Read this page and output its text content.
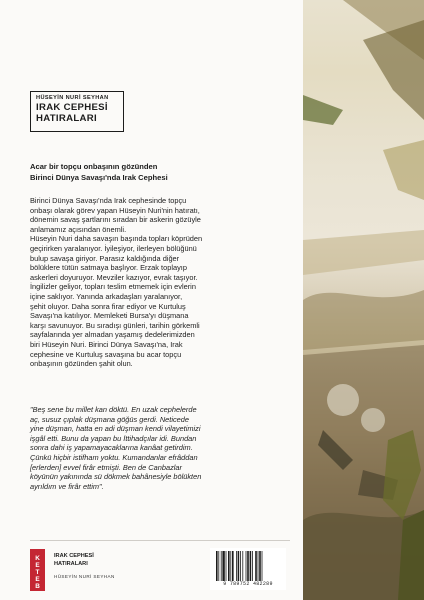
HÜSEYİN NURİ SEYHAN
IRAK CEPHESİ
HATIRALARI
Acar bir topçu onbaşının gözünden
Birinci Dünya Savaşı'nda Irak Cephesi
Birinci Dünya Savaşı'nda Irak cephesinde topçu
onbaşı olarak görev yapan Hüseyin Nuri'nin hatıratı,
dönemin savaş şartlarını sıradan bir askerin gözüyle
anlamamız açısından önemli.
Hüseyin Nuri daha savaşın başında topları köprüden
geçirirken yaralanıyor. İyileşiyor, ilerleyen bölüğünü
bulup savaşa giriyor. Parasız kaldığında diğer
bölüklere tütün satmaya başlıyor. Erzak toplayıp
askerleri doyuruyor. Mevziler kazıyor, evrak taşıyor.
İngilizler geliyor, topları teslim etmemek için evlerin
içine saklıyor. Yanında arkadaşları yaralanıyor,
şehit oluyor. Daha sonra firar ediyor ve Kurtuluş
Savaşı'na katılıyor. Memleketi Bursa'yı düşmana
karşı savunuyor. Bu sıradışı günleri, tarihin görkemli
sayfalarında yer almadan yaşamış dedelerimizden
biri Hüseyin Nuri. Birinci Dünya Savaşı'na, Irak
cephesine ve Kurtuluş savaşına bu acar topçu
onbaşının gözünden şahit olun.
"Beş sene bu millet kan döktü. En uzak cephelerde
aç, susuz çıplak düşmana göğüs gerdi. Neticede
yine düşman, hatta en adi düşman kendi vilayetimizi
işgâl etti. Bunu da yapan bu İttihadçılar idi. Bundan
sonra dahi iş yapamayacaklarına kanâat getirdim.
Çünkü hiçbir istifham yoktu. Kumandanlar efrâddan
[erlerden] evvel firâr etmişti. Ben de Canbazlar
köyünün yakınında sü dökmek bahânesiyle bölükten
ayrıldım ve firâr ettim".
K
E
T
E
B
IRAK CEPHESİ
HATIRALARI
HÜSEYİN NURİ SEYHAN
9 789752 482289
